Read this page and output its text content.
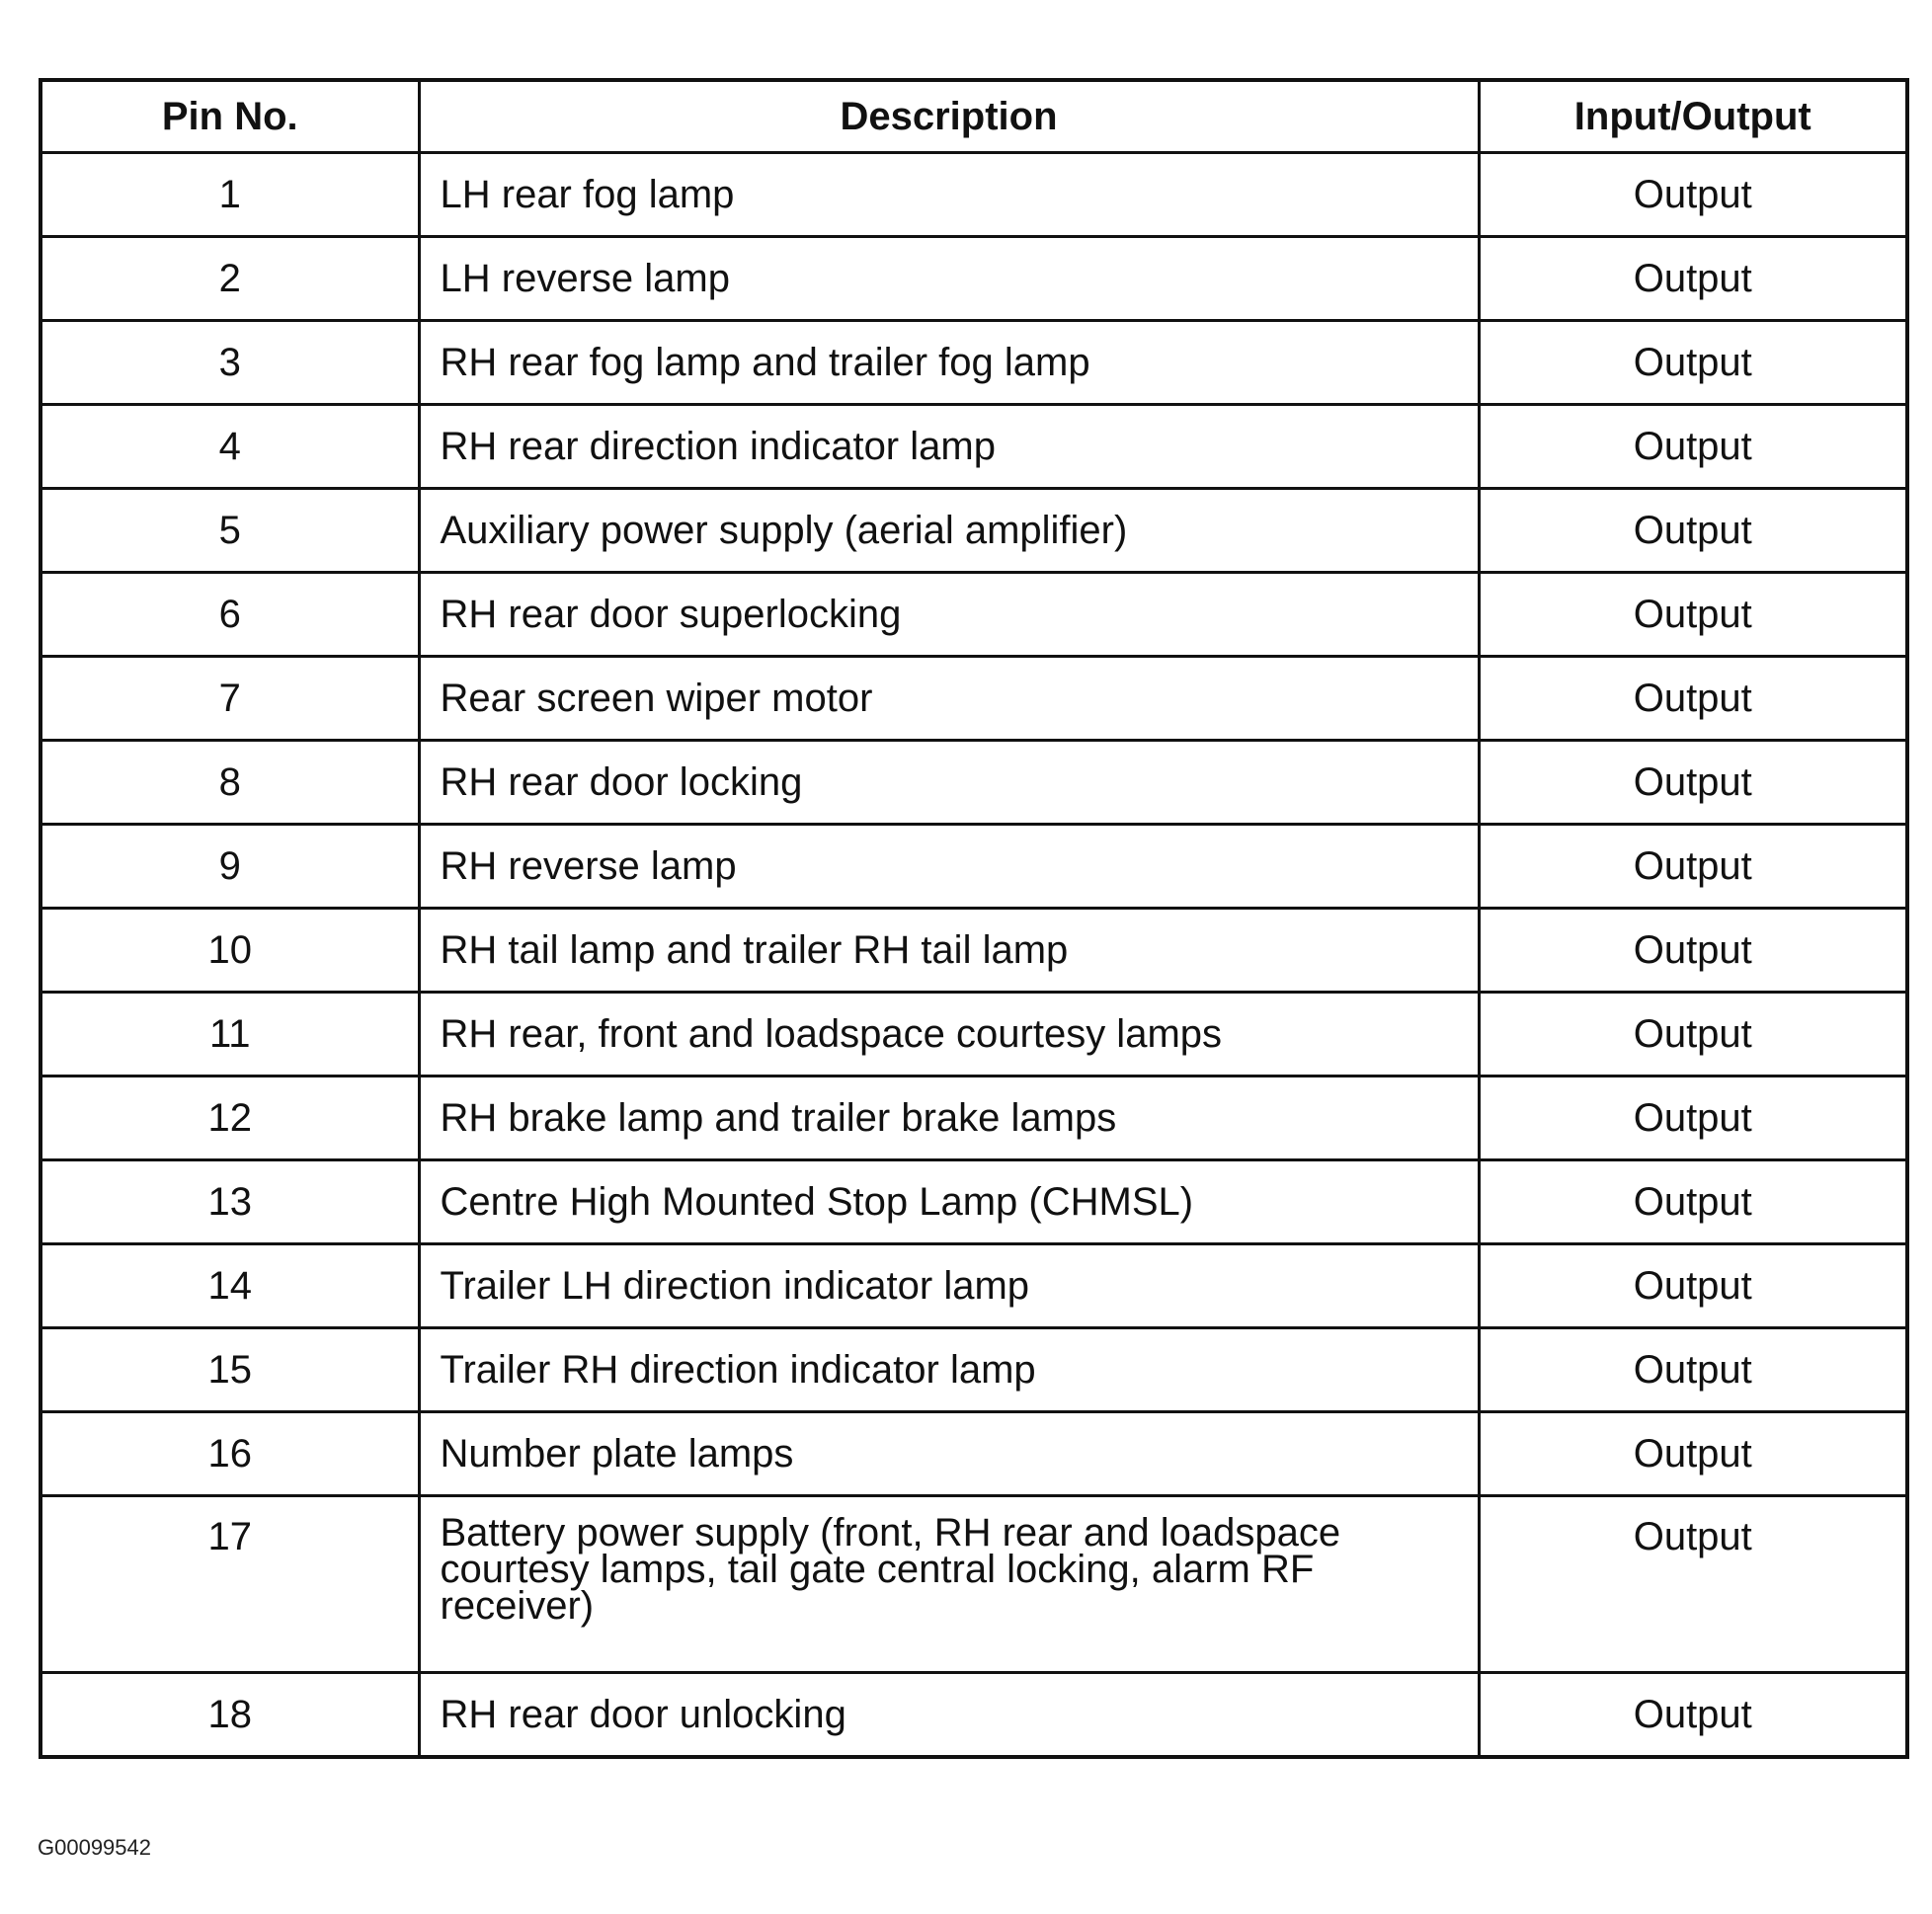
Pin No.	Description	Input/Output
1	LH rear fog lamp	Output
2	LH reverse lamp	Output
3	RH rear fog lamp and trailer fog lamp	Output
4	RH rear direction indicator lamp	Output
5	Auxiliary power supply (aerial amplifier)	Output
6	RH rear door superlocking	Output
7	Rear screen wiper motor	Output
8	RH rear door locking	Output
9	RH reverse lamp	Output
10	RH tail lamp and trailer RH tail lamp	Output
11	RH rear, front and loadspace courtesy lamps	Output
12	RH brake lamp and trailer brake lamps	Output
13	Centre High Mounted Stop Lamp (CHMSL)	Output
14	Trailer LH direction indicator lamp	Output
15	Trailer RH direction indicator lamp	Output
16	Number plate lamps	Output
17	Battery power supply (front, RH rear and loadspace courtesy lamps, tail gate central locking, alarm RF receiver)	Output
18	RH rear door unlocking	Output
G00099542
